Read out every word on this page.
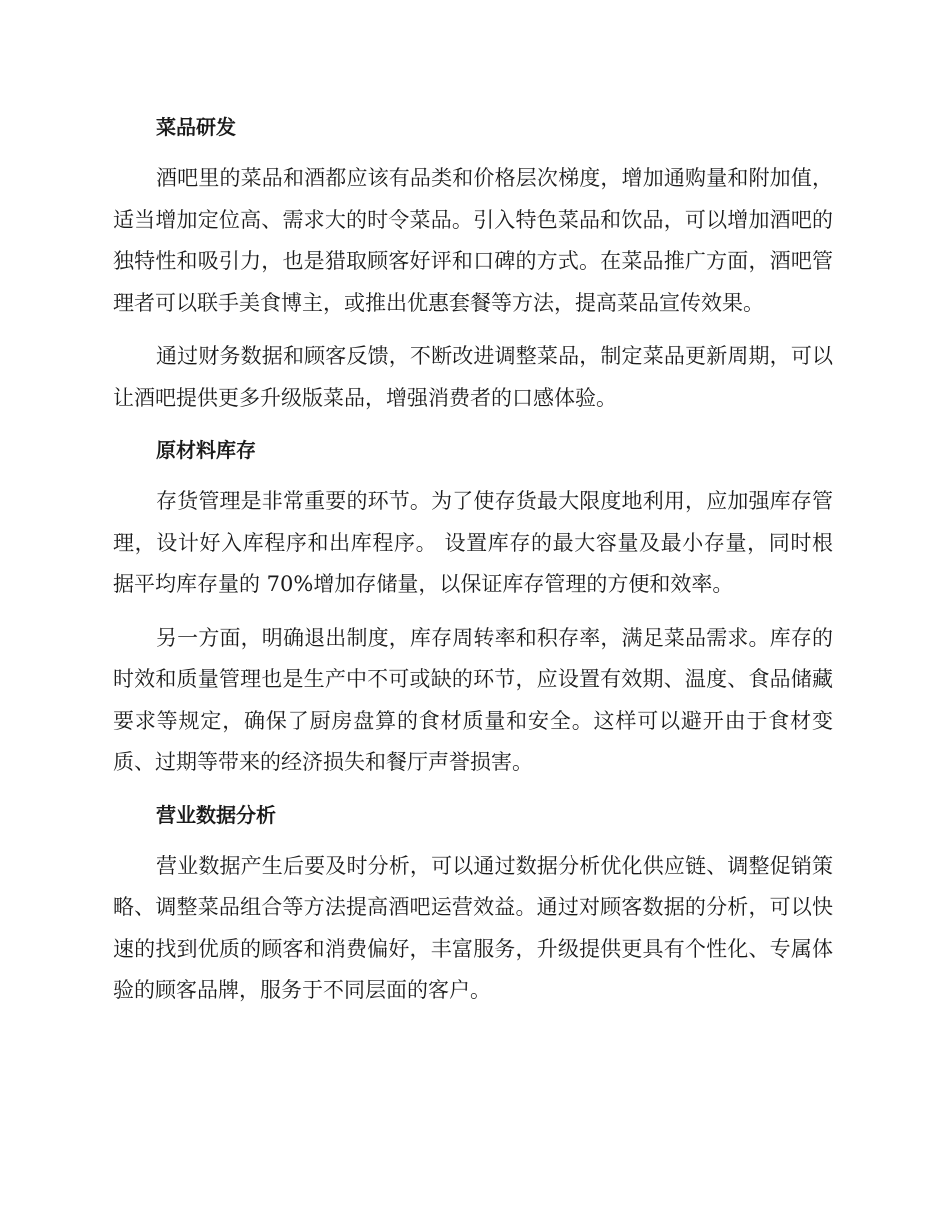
菜品研发

酒吧里的菜品和酒都应该有品类和价格层次梯度，增加通购量和附加值，适当增加定位高、需求大的时令菜品。引入特色菜品和饮品，可以增加酒吧的独特性和吸引力，也是猎取顾客好评和口碑的方式。在菜品推广方面，酒吧管理者可以联手美食博主，或推出优惠套餐等方法，提高菜品宣传效果。

通过财务数据和顾客反馈，不断改进调整菜品，制定菜品更新周期，可以让酒吧提供更多升级版菜品，增强消费者的口感体验。

原材料库存

存货管理是非常重要的环节。为了使存货最大限度地利用，应加强库存管理，设计好入库程序和出库程序。 设置库存的最大容量及最小存量，同时根据平均库存量的 70%增加存储量，以保证库存管理的方便和效率。

另一方面，明确退出制度，库存周转率和积存率，满足菜品需求。库存的时效和质量管理也是生产中不可或缺的环节，应设置有效期、温度、食品储藏要求等规定，确保了厨房盘算的食材质量和安全。这样可以避开由于食材变质、过期等带来的经济损失和餐厅声誉损害。

营业数据分析

营业数据产生后要及时分析，可以通过数据分析优化供应链、调整促销策略、调整菜品组合等方法提高酒吧运营效益。通过对顾客数据的分析，可以快速的找到优质的顾客和消费偏好，丰富服务，升级提供更具有个性化、专属体验的顾客品牌，服务于不同层面的客户。
